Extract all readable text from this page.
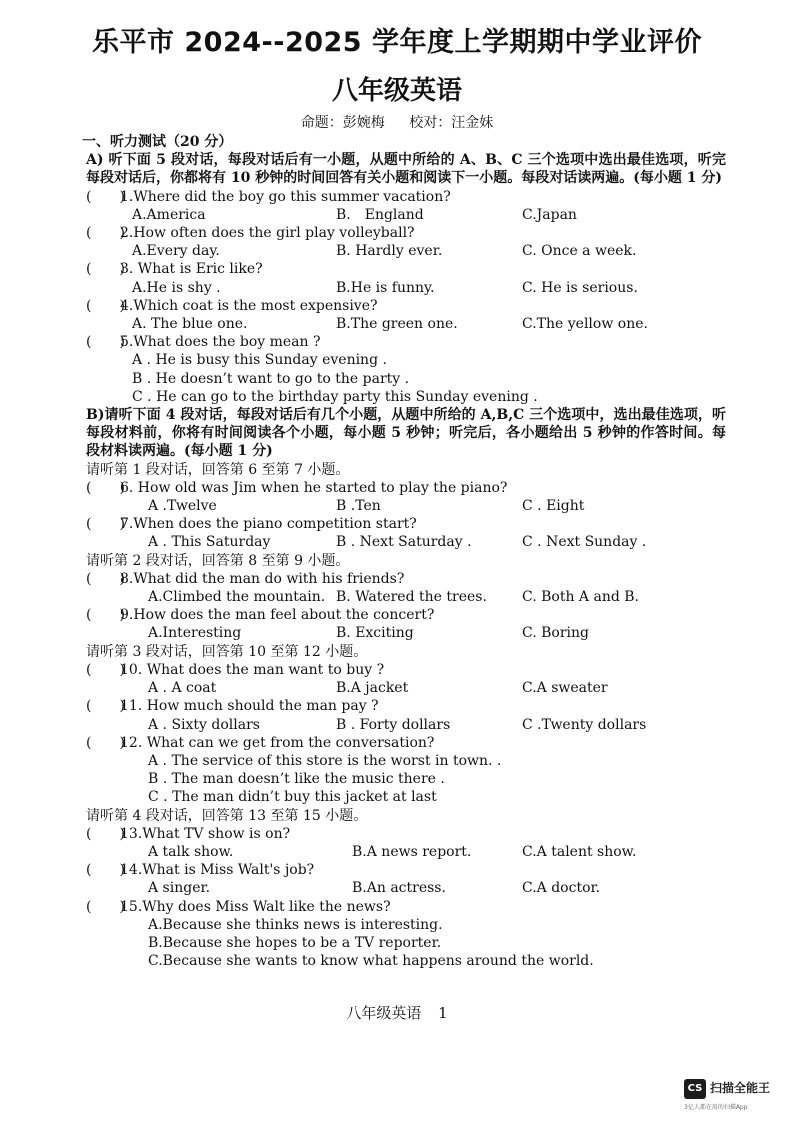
乐平市 2024--2025 学年度上学期期中学业评价
八年级英语
命题：彭婉梅 校对：汪金妹
一、听力测试（20 分）

A) 听下面 5 段对话，每段对话后有一小题，从题中所给的 A、B、C 三个选项中选出最佳选项，听完每段对话后，你都将有 10 秒钟的时间回答有关小题和阅读下一小题。每段对话读两遍。(每小题 1 分)

(　　)
1.Where did the boy go this summer vacation?
A.America	B.　England	C.Japan
(　　)
2.How often does the girl play volleyball?
A.Every day.	B. Hardly ever.	C. Once a week.
(　　)
3. What is Eric like?
A.He is shy .	B.He is funny.	C. He is serious.
(　　)
4.Which coat is the most expensive?
A. The blue one.	B.The green one.	C.The yellow one.
(　　)
5.What does the boy mean ?
A . He is busy this Sunday evening .
B . He doesn’t want to go to the party .
C . He can go to the birthday party this Sunday evening .

B)请听下面 4 段对话，每段对话后有几个小题，从题中所给的 A,B,C 三个选项中，选出最佳选项，听每段材料前，你将有时间阅读各个小题，每小题 5 秒钟；听完后，各小题给出 5 秒钟的作答时间。每段材料读两遍。(每小题 1 分)

请听第 1 段对话，回答第 6 至第 7 小题。
(　　)
6. How old was Jim when he started to play the piano?
A .Twelve	B .Ten	C . Eight
(　　)
7.When does the piano competition start?
A . This Saturday	B . Next Saturday .	C . Next Sunday .
请听第 2 段对话，回答第 8 至第 9 小题。
(　　)
8.What did the man do with his friends?
A.Climbed the mountain. B. Watered the trees.	C. Both A and B.
(　　)
9.How does the man feel about the concert?
A.Interesting	B. Exciting	C. Boring
请听第 3 段对话，回答第 10 至第 12 小题。
(　　)
10. What does the man want to buy ?
A . A coat	B.A jacket	C.A sweater
(　　)
11. How much should the man pay ?
A . Sixty dollars	B . Forty dollars	C .Twenty dollars
(　　)
12. What can we get from the conversation?
A . The service of this store is the worst in town. .
B . The man doesn’t like the music there .
C . The man didn’t buy this jacket at last
请听第 4 段对话，回答第 13 至第 15 小题。
(　　)
13.What TV show is on?
A talk show.	B.A news report.	C.A talent show.
(　　)
14.What is Miss Walt's job?
A singer.	B.An actress.	C.A doctor.
(　　)
15.Why does Miss Walt like the news?
A.Because she thinks news is interesting.
B.Because she hopes to be a TV reporter.
C.Because she wants to know what happens around the world.
八年级英语 1
CS 扫描全能王
3亿人都在用的扫描App
